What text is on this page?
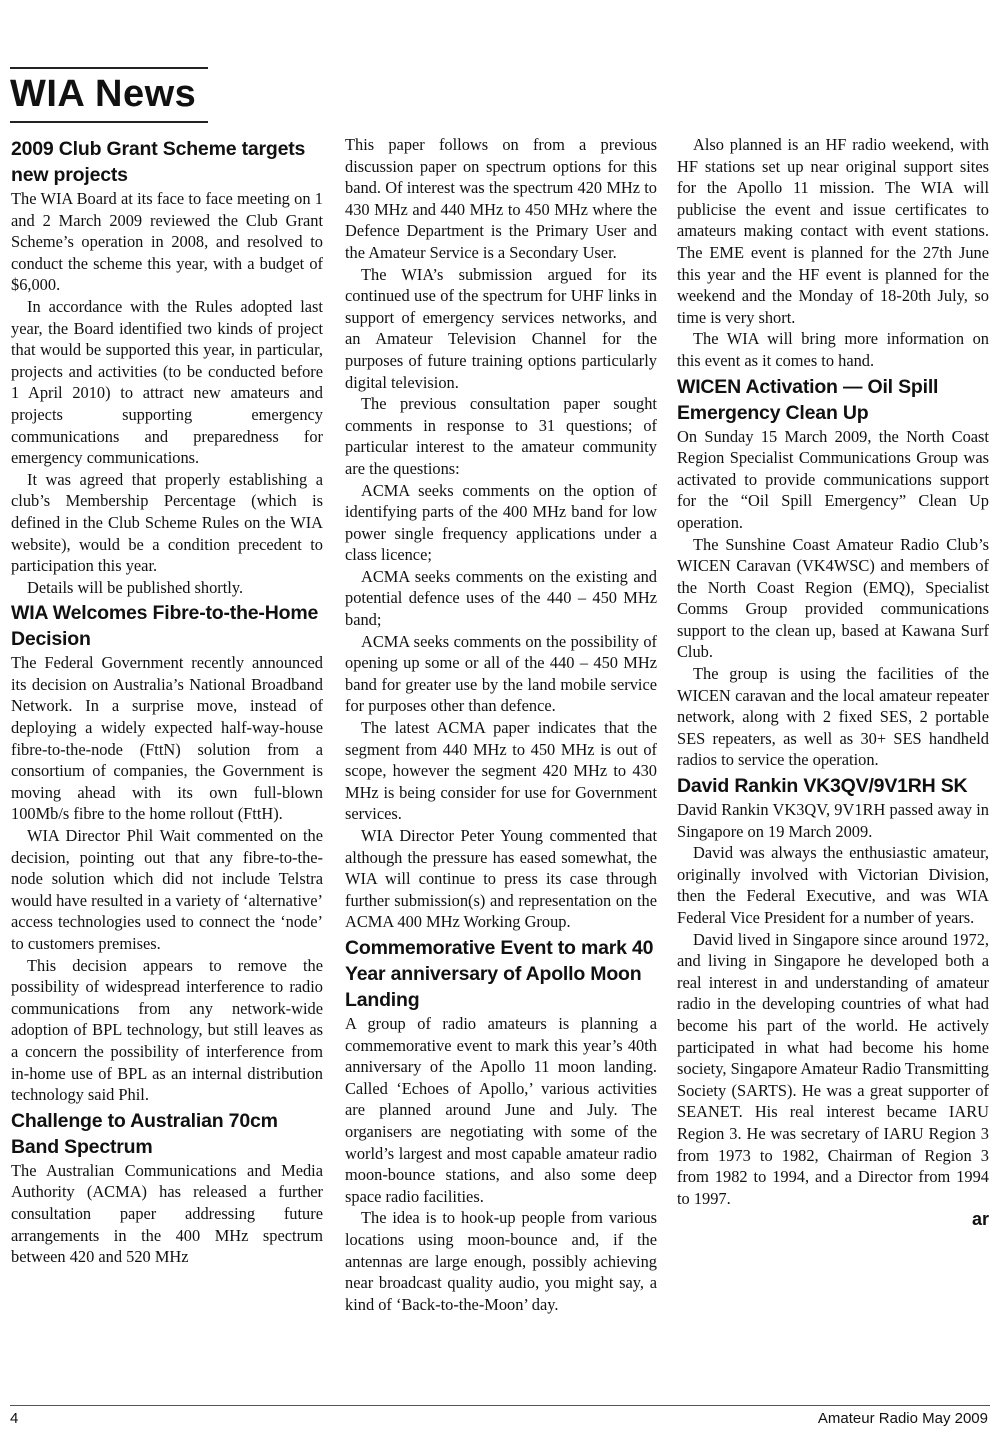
WIA News
2009 Club Grant Scheme targets new projects

The WIA Board at its face to face meeting on 1 and 2 March 2009 reviewed the Club Grant Scheme’s operation in 2008, and resolved to conduct the scheme this year, with a budget of $6,000.

In accordance with the Rules adopted last year, the Board identified two kinds of project that would be supported this year, in particular, projects and activities (to be conducted before 1 April 2010) to attract new amateurs and projects supporting emergency communications and preparedness for emergency communications.

It was agreed that properly establishing a club’s Membership Percentage (which is defined in the Club Scheme Rules on the WIA website), would be a condition precedent to participation this year.

Details will be published shortly.

WIA Welcomes Fibre-to-the-Home Decision

The Federal Government recently announced its decision on Australia’s National Broadband Network. In a surprise move, instead of deploying a widely expected half-way-house fibre-to-the-node (FttN) solution from a consortium of companies, the Government is moving ahead with its own full-blown 100Mb/s fibre to the home rollout (FttH).

WIA Director Phil Wait commented on the decision, pointing out that any fibre-to-the-node solution which did not include Telstra would have resulted in a variety of ‘alternative’ access technologies used to connect the ‘node’ to customers premises.

This decision appears to remove the possibility of widespread interference to radio communications from any network-wide adoption of BPL technology, but still leaves as a concern the possibility of interference from in-home use of BPL as an internal distribution technology said Phil.

Challenge to Australian 70cm Band Spectrum

The Australian Communications and Media Authority (ACMA) has released a further consultation paper addressing future arrangements in the 400 MHz spectrum between 420 and 520 MHz

This paper follows on from a previous discussion paper on spectrum options for this band. Of interest was the spectrum 420 MHz to 430 MHz and 440 MHz to 450 MHz where the Defence Department is the Primary User and the Amateur Service is a Secondary User.

The WIA’s submission argued for its continued use of the spectrum for UHF links in support of emergency services networks, and an Amateur Television Channel for the purposes of future training options particularly digital television.

The previous consultation paper sought comments in response to 31 questions; of particular interest to the amateur community are the questions:

ACMA seeks comments on the option of identifying parts of the 400 MHz band for low power single frequency applications under a class licence;

ACMA seeks comments on the existing and potential defence uses of the 440 – 450 MHz band;

ACMA seeks comments on the possibility of opening up some or all of the 440 – 450 MHz band for greater use by the land mobile service for purposes other than defence.

The latest ACMA paper indicates that the segment from 440 MHz to 450 MHz is out of scope, however the segment 420 MHz to 430 MHz is being consider for use for Government services.

WIA Director Peter Young commented that although the pressure has eased somewhat, the WIA will continue to press its case through further submission(s) and representation on the ACMA 400 MHz Working Group.

Commemorative Event to mark 40 Year anniversary of Apollo Moon Landing

A group of radio amateurs is planning a commemorative event to mark this year’s 40th anniversary of the Apollo 11 moon landing. Called ‘Echoes of Apollo,’ various activities are planned around June and July. The organisers are negotiating with some of the world’s largest and most capable amateur radio moon-bounce stations, and also some deep space radio facilities.

The idea is to hook-up people from various locations using moon-bounce and, if the antennas are large enough, possibly achieving near broadcast quality audio, you might say, a kind of ‘Back-to-the-Moon’ day.

Also planned is an HF radio weekend, with HF stations set up near original support sites for the Apollo 11 mission. The WIA will publicise the event and issue certificates to amateurs making contact with event stations. The EME event is planned for the 27th June this year and the HF event is planned for the weekend and the Monday of 18-20th July, so time is very short.

The WIA will bring more information on this event as it comes to hand.

WICEN Activation — Oil Spill Emergency Clean Up

On Sunday 15 March 2009, the North Coast Region Specialist Communications Group was activated to provide communications support for the “Oil Spill Emergency” Clean Up operation.

The Sunshine Coast Amateur Radio Club’s WICEN Caravan (VK4WSC) and members of the North Coast Region (EMQ), Specialist Comms Group provided communications support to the clean up, based at Kawana Surf Club.

The group is using the facilities of the WICEN caravan and the local amateur repeater network, along with 2 fixed SES, 2 portable SES repeaters, as well as 30+ SES handheld radios to service the operation.

David Rankin VK3QV/9V1RH SK

David Rankin VK3QV, 9V1RH passed away in Singapore on 19 March 2009.

David was always the enthusiastic amateur, originally involved with Victorian Division, then the Federal Executive, and was WIA Federal Vice President for a number of years.

David lived in Singapore since around 1972, and living in Singapore he developed both a real interest in and understanding of amateur radio in the developing countries of what had become his part of the world. He actively participated in what had become his home society, Singapore Amateur Radio Transmitting Society (SARTS). He was a great supporter of SEANET. His real interest became IARU Region 3. He was secretary of IARU Region 3 from 1973 to 1982, Chairman of Region 3 from 1982 to 1994, and a Director from 1994 to 1997.

ar
4	Amateur Radio May 2009
